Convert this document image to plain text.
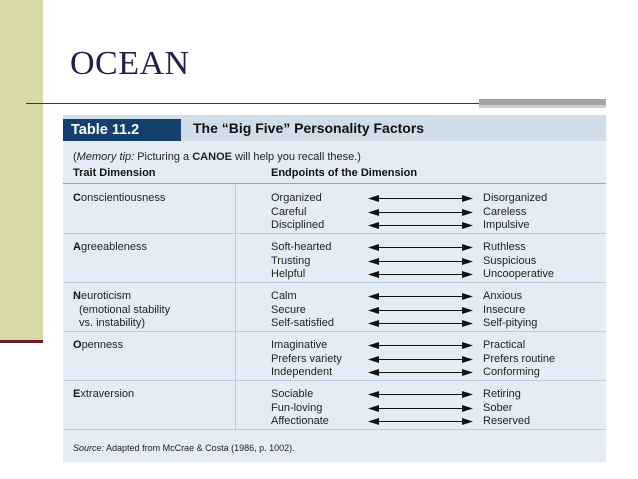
OCEAN
Table 11.2	The “Big Five” Personality Factors
(Memory tip: Picturing a CANOE will help you recall these.)
Trait Dimension	Endpoints of the Dimension
Conscientiousness	Organized	Disorganized
Careful	Careless
Disciplined	Impulsive
Agreeableness	Soft-hearted	Ruthless
Trusting	Suspicious
Helpful	Uncooperative
Neuroticism
(emotional stability
vs. instability)
Calm	Anxious
Secure	Insecure
Self-satisfied	Self-pitying
Openness	Imaginative	Practical
Prefers variety	Prefers routine
Independent	Conforming
Extraversion	Sociable	Retiring
Fun-loving	Sober
Affectionate	Reserved
Source: Adapted from McCrae & Costa (1986, p. 1002).
